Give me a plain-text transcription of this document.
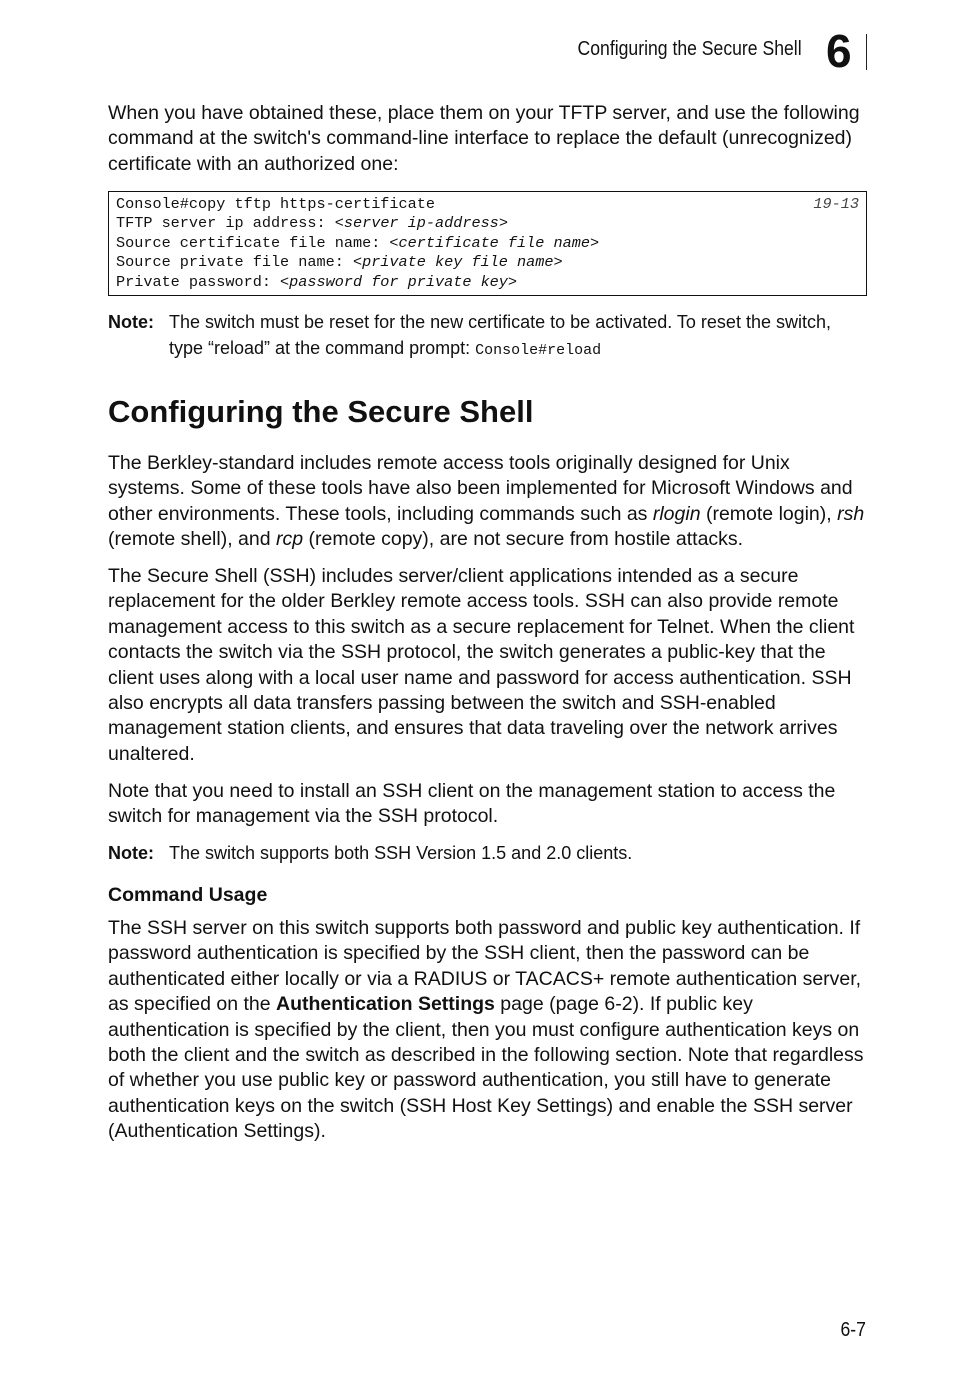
Configuring the Secure Shell 6

When you have obtained these, place them on your TFTP server, and use the following command at the switch's command-line interface to replace the default (unrecognized) certificate with an authorized one:

Console#copy tftp https-certificate	19-13
TFTP server ip address: <server ip-address>
Source certificate file name: <certificate file name>
Source private file name: <private key file name>
Private password: <password for private key>
Note: The switch must be reset for the new certificate to be activated. To reset the switch, type “reload” at the command prompt: Console#reload

Configuring the Secure Shell

The Berkley-standard includes remote access tools originally designed for Unix systems. Some of these tools have also been implemented for Microsoft Windows and other environments. These tools, including commands such as rlogin (remote login), rsh (remote shell), and rcp (remote copy), are not secure from hostile attacks.

The Secure Shell (SSH) includes server/client applications intended as a secure replacement for the older Berkley remote access tools. SSH can also provide remote management access to this switch as a secure replacement for Telnet. When the client contacts the switch via the SSH protocol, the switch generates a public-key that the client uses along with a local user name and password for access authentication. SSH also encrypts all data transfers passing between the switch and SSH-enabled management station clients, and ensures that data traveling over the network arrives unaltered.

Note that you need to install an SSH client on the management station to access the switch for management via the SSH protocol.

Note: The switch supports both SSH Version 1.5 and 2.0 clients.

Command Usage

The SSH server on this switch supports both password and public key authentication. If password authentication is specified by the SSH client, then the password can be authenticated either locally or via a RADIUS or TACACS+ remote authentication server, as specified on the Authentication Settings page (page 6-2). If public key authentication is specified by the client, then you must configure authentication keys on both the client and the switch as described in the following section. Note that regardless of whether you use public key or password authentication, you still have to generate authentication keys on the switch (SSH Host Key Settings) and enable the SSH server (Authentication Settings).

6-7
